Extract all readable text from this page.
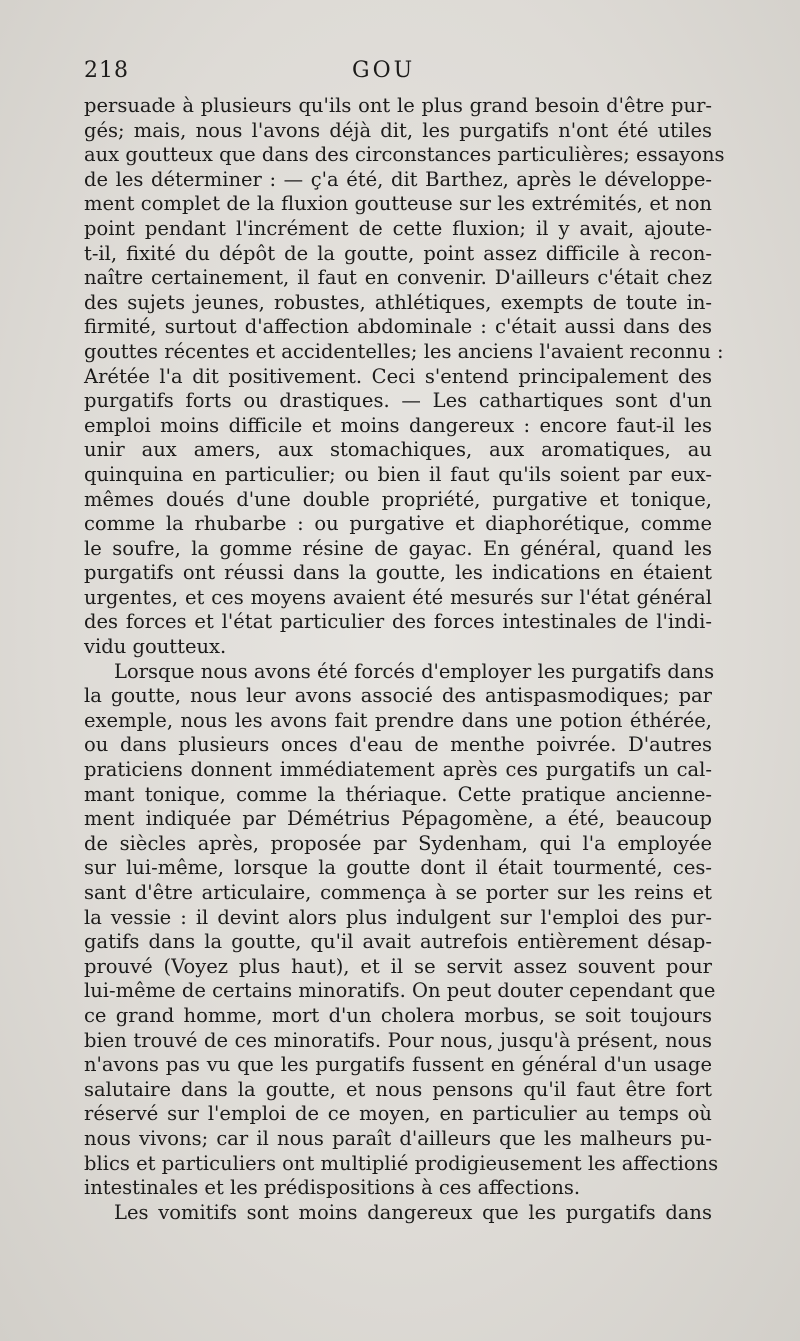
218	GOU
persuade à plusieurs qu'ils ont le plus grand besoin d'être pur-
gés; mais, nous l'avons déjà dit, les purgatifs n'ont été utiles
aux goutteux que dans des circonstances particulières; essayons
de les déterminer : — ç'a été, dit Barthez, après le développe-
ment complet de la fluxion goutteuse sur les extrémités, et non
point pendant l'incrément de cette fluxion; il y avait, ajoute-
t-il, fixité du dépôt de la goutte, point assez difficile à recon-
naître certainement, il faut en convenir. D'ailleurs c'était chez
des sujets jeunes, robustes, athlétiques, exempts de toute in-
firmité, surtout d'affection abdominale : c'était aussi dans des
gouttes récentes et accidentelles; les anciens l'avaient reconnu :
Arétée l'a dit positivement. Ceci s'entend principalement des
purgatifs forts ou drastiques. — Les cathartiques sont d'un
emploi moins difficile et moins dangereux : encore faut-il les
unir aux amers, aux stomachiques, aux aromatiques, au
quinquina en particulier; ou bien il faut qu'ils soient par eux-
mêmes doués d'une double propriété, purgative et tonique,
comme la rhubarbe : ou purgative et diaphorétique, comme
le soufre, la gomme résine de gayac. En général, quand les
purgatifs ont réussi dans la goutte, les indications en étaient
urgentes, et ces moyens avaient été mesurés sur l'état général
des forces et l'état particulier des forces intestinales de l'indi-
vidu goutteux.
Lorsque nous avons été forcés d'employer les purgatifs dans
la goutte, nous leur avons associé des antispasmodiques; par
exemple, nous les avons fait prendre dans une potion éthérée,
ou dans plusieurs onces d'eau de menthe poivrée. D'autres
praticiens donnent immédiatement après ces purgatifs un cal-
mant tonique, comme la thériaque. Cette pratique ancienne-
ment indiquée par Démétrius Pépagomène, a été, beaucoup
de siècles après, proposée par Sydenham, qui l'a employée
sur lui-même, lorsque la goutte dont il était tourmenté, ces-
sant d'être articulaire, commença à se porter sur les reins et
la vessie : il devint alors plus indulgent sur l'emploi des pur-
gatifs dans la goutte, qu'il avait autrefois entièrement désap-
prouvé (Voyez plus haut), et il se servit assez souvent pour
lui-même de certains minoratifs. On peut douter cependant que
ce grand homme, mort d'un cholera morbus, se soit toujours
bien trouvé de ces minoratifs. Pour nous, jusqu'à présent, nous
n'avons pas vu que les purgatifs fussent en général d'un usage
salutaire dans la goutte, et nous pensons qu'il faut être fort
réservé sur l'emploi de ce moyen, en particulier au temps où
nous vivons; car il nous paraît d'ailleurs que les malheurs pu-
blics et particuliers ont multiplié prodigieusement les affections
intestinales et les prédispositions à ces affections.
Les vomitifs sont moins dangereux que les purgatifs dans
